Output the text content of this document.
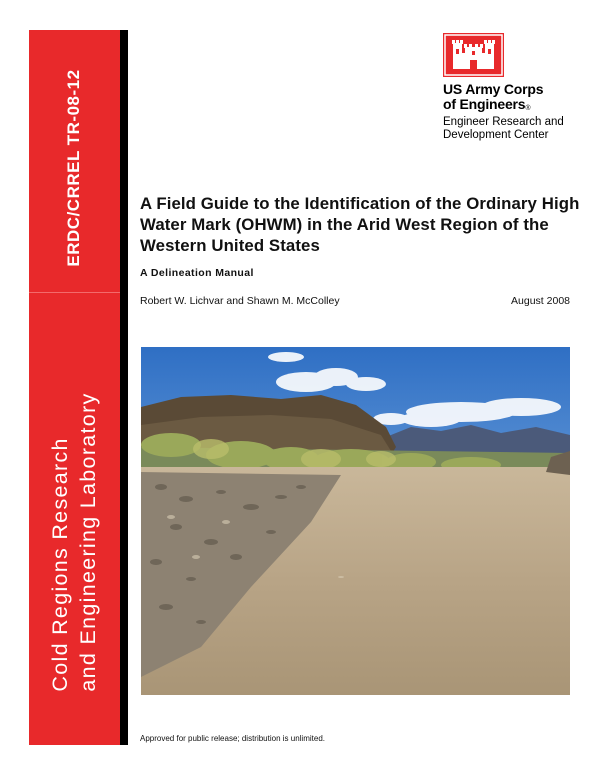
ERDC/CRREL TR-08-12
Cold Regions Research and Engineering Laboratory
US Army Corps
of Engineers®
Engineer Research and
Development Center
A Field Guide to the Identification of the Ordinary High Water Mark (OHWM) in the Arid West Region of the Western United States
A Delineation Manual
Robert W. Lichvar and Shawn M. McColley	August 2008
Approved for public release; distribution is unlimited.
